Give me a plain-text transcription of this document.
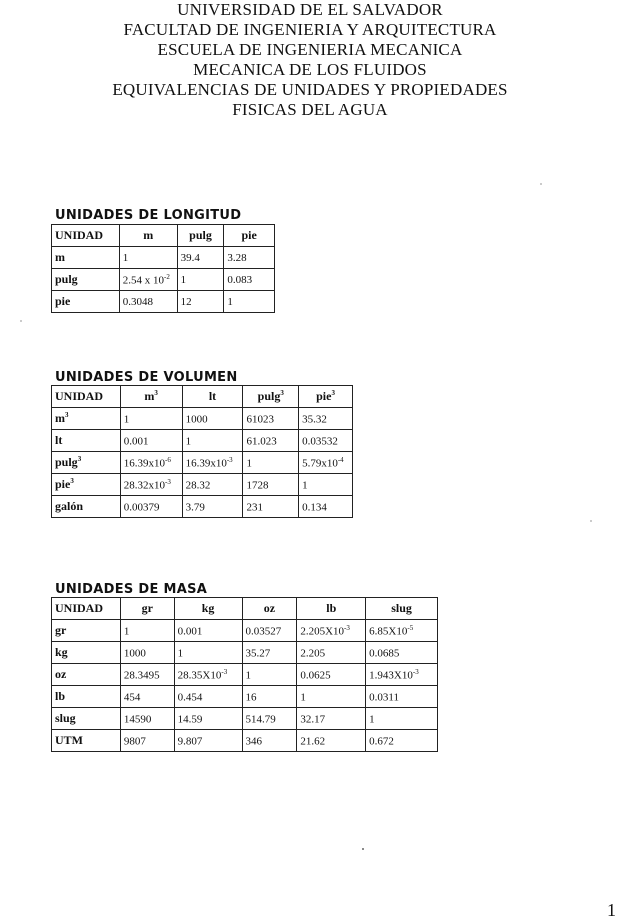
UNIVERSIDAD DE EL SALVADOR
FACULTAD DE INGENIERIA Y ARQUITECTURA
ESCUELA DE INGENIERIA MECANICA
MECANICA DE LOS FLUIDOS
EQUIVALENCIAS DE UNIDADES Y PROPIEDADES
FISICAS DEL AGUA
UNIDADES DE LONGITUD
UNIDAD	m	pulg	pie
m	1	39.4	3.28
pulg	2.54 x $10^{-2}$	1	0.083
pie	0.3048	12	1
UNIDADES DE VOLUMEN
UNIDAD	$m^3$	lt	pulg$^3$	pie$^3$
$m^3$	1	1000	61023	35.32
lt	0.001	1	61.023	0.03532
pulg$^3$	$16.39x10^{-6}$	$16.39x10^{-3}$	1	$5.79x10^{-4}$
pie$^3$	$28.32x10^{-3}$	28.32	1728	1
galón	0.00379	3.79	231	0.134
UNIDADES DE MASA
UNIDAD	gr	kg	oz	lb	slug
gr	1	0.001	0.03527	$2.205X10^{-3}$	$6.85X10^{-5}$
kg	1000	1	35.27	2.205	0.0685
oz	28.3495	$28.35X10^{-3}$	1	0.0625	$1.943X10^{-3}$
lb	454	0.454	16	1	0.0311
slug	14590	14.59	514.79	32.17	1
UTM	9807	9.807	346	21.62	0.672
1
